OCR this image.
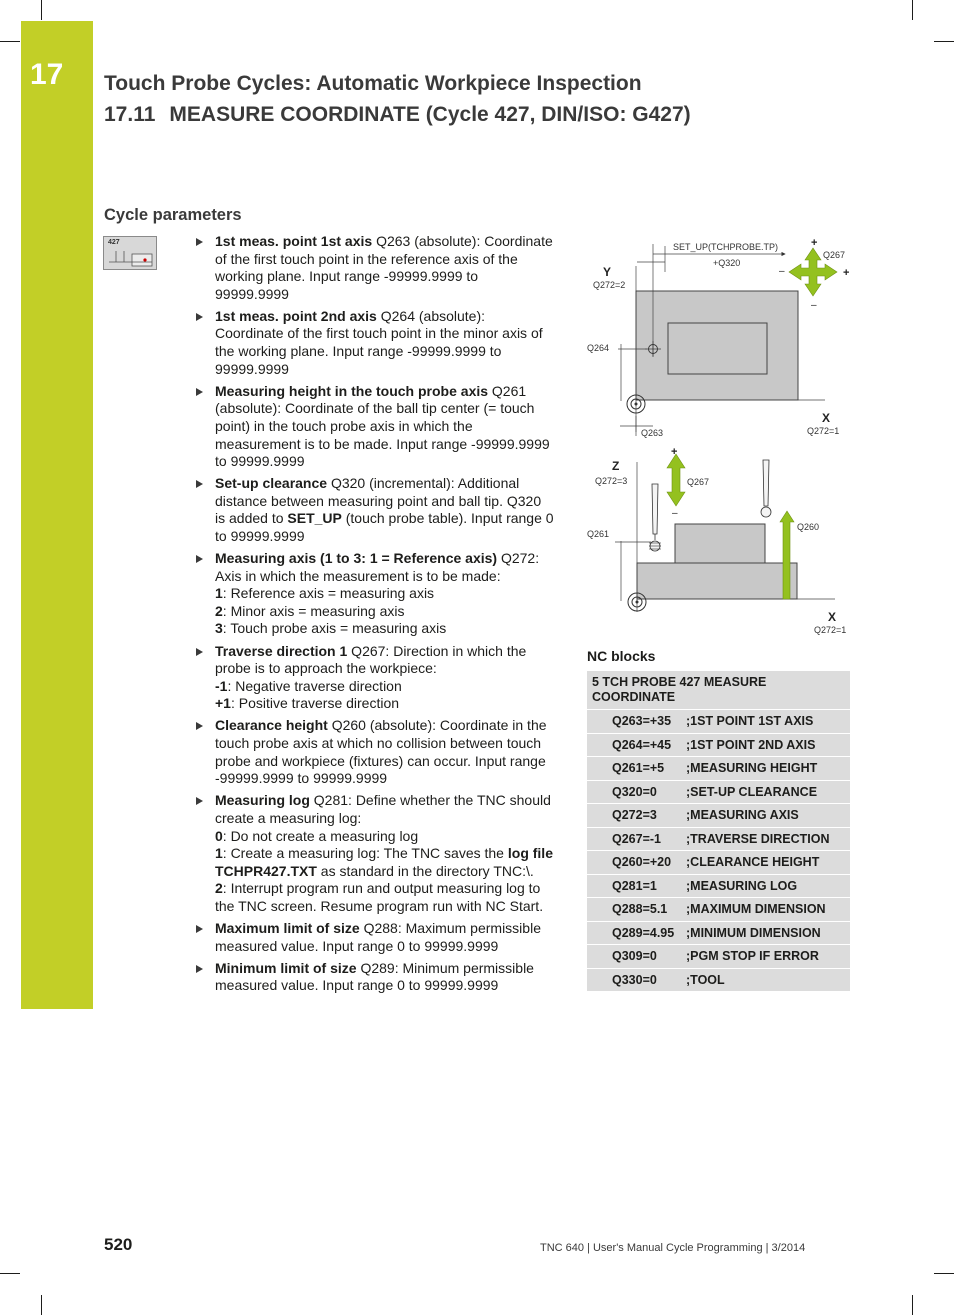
17	Touch Probe Cycles: Automatic Workpiece Inspection
17.11 MEASURE COORDINATE (Cycle 427, DIN/ISO: G427)
Cycle parameters
427	1st meas. point 1st axis Q263 (absolute): Coordinate of the first touch point in the reference axis of the working plane. Input range -99999.9999 to 99999.9999
1st meas. point 2nd axis Q264 (absolute): Coordinate of the first touch point in the minor axis of the working plane. Input range -99999.9999 to 99999.9999
Measuring height in the touch probe axis Q261 (absolute): Coordinate of the ball tip center (= touch point) in the touch probe axis in which the measurement is to be made. Input range -99999.9999 to 99999.9999
Set-up clearance Q320 (incremental): Additional distance between measuring point and ball tip. Q320 is added to SET_UP (touch probe table). Input range 0 to 99999.9999
Measuring axis (1 to 3: 1 = Reference axis) Q272: Axis in which the measurement is to be made:
1: Reference axis = measuring axis
2: Minor axis = measuring axis
3: Touch probe axis = measuring axis
Traverse direction 1 Q267: Direction in which the probe is to approach the workpiece:
-1: Negative traverse direction
+1: Positive traverse direction
Clearance height Q260 (absolute): Coordinate in the touch probe axis at which no collision between touch probe and workpiece (fixtures) can occur. Input range -99999.9999 to 99999.9999
Measuring log Q281: Define whether the TNC should create a measuring log:
0: Do not create a measuring log
1: Create a measuring log: The TNC saves the log file TCHPR427.TXT as standard in the directory TNC:\.
2: Interrupt program run and output measuring log to the TNC screen. Resume program run with NC Start.
Maximum limit of size Q288: Maximum permissible measured value. Input range 0 to 99999.9999
Minimum limit of size Q289: Minimum permissible measured value. Input range 0 to 99999.9999
SET_UP(TCHPROBE.TP)
+Q320
Y
Q272=2
Q264
Q263
X
Q272=1
+
+
–
–
Q267
Z
Q272=3
Q261
Q267
Q260
+
–
X
Q272=1
NC blocks
5 TCH PROBE 427 MEASURE COORDINATE	
Q263=+35	;1ST POINT 1ST AXIS
Q264=+45	;1ST POINT 2ND AXIS
Q261=+5	;MEASURING HEIGHT
Q320=0	;SET-UP CLEARANCE
Q272=3	;MEASURING AXIS
Q267=-1	;TRAVERSE DIRECTION
Q260=+20	;CLEARANCE HEIGHT
Q281=1	;MEASURING LOG
Q288=5.1	;MAXIMUM DIMENSION
Q289=4.95	;MINIMUM DIMENSION
Q309=0	;PGM STOP IF ERROR
Q330=0	;TOOL
520	TNC 640 | User's Manual Cycle Programming | 3/2014
